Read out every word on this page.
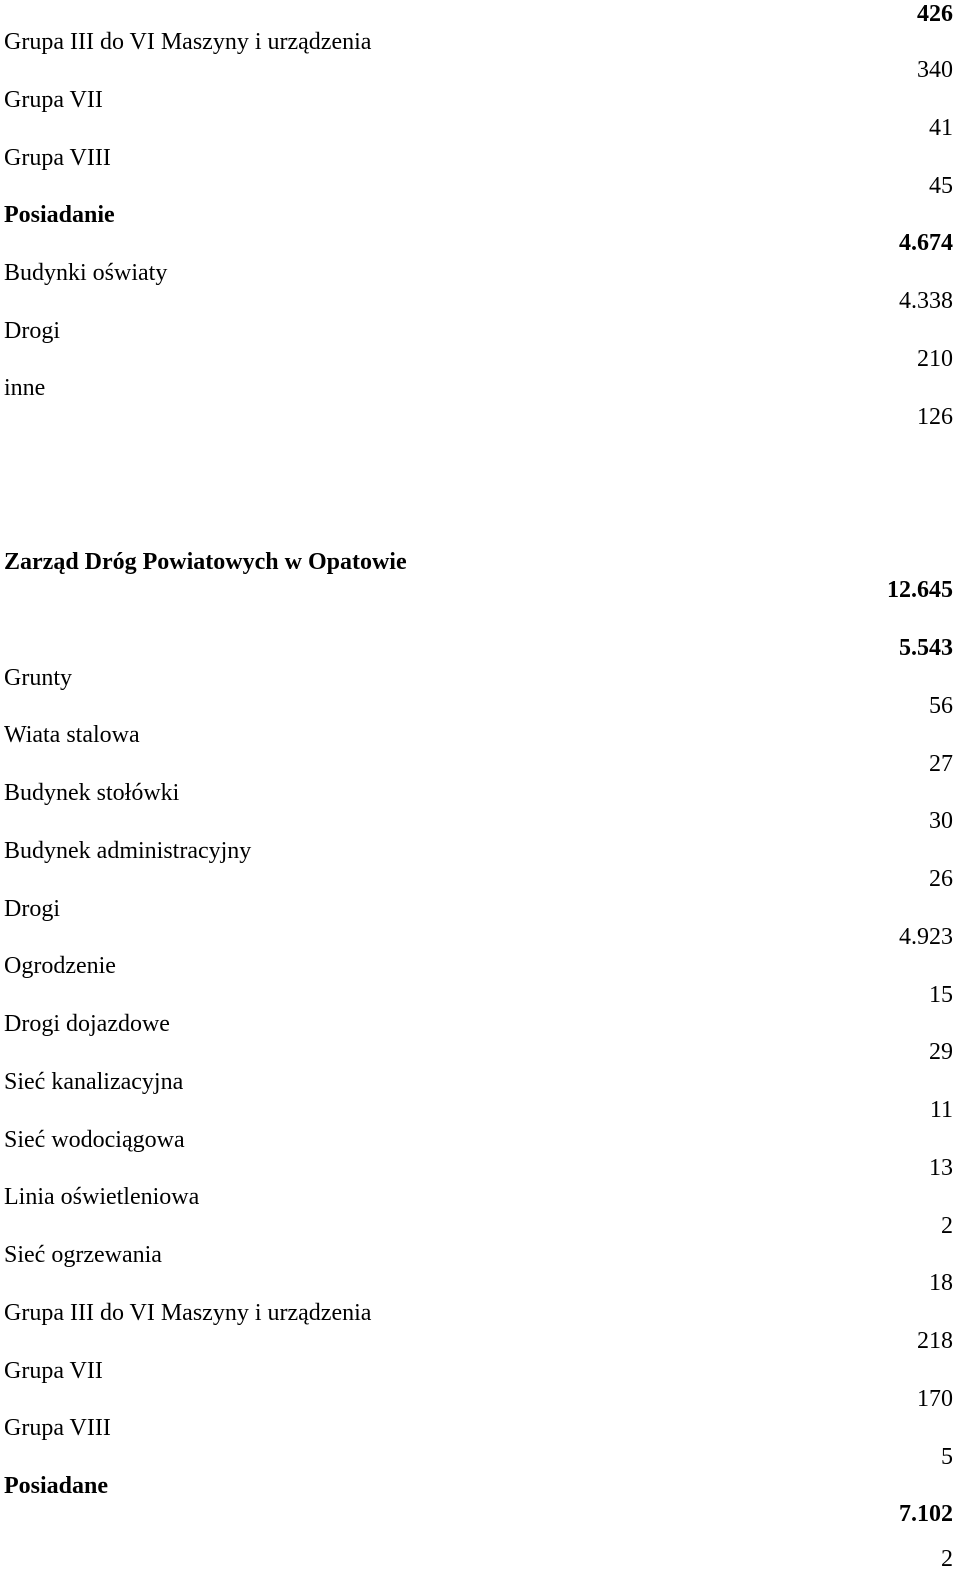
Grupa III do VI Maszyny i urządzenia
Grupa VII
Grupa VIII
Posiadanie
Budynki oświaty
Drogi
inne
Zarząd Dróg Powiatowych w Opatowie
Grunty
Wiata stalowa
Budynek stołówki
Budynek administracyjny
Drogi
Ogrodzenie
Drogi dojazdowe
Sieć kanalizacyjna
Sieć wodociągowa
Linia oświetleniowa
Sieć ogrzewania
Grupa III do VI Maszyny i urządzenia
Grupa VII
Grupa VIII
Posiadane
426
340
41
45
4.674
4.338
210
126
12.645
5.543
56
27
30
26
4.923
15
29
11
13
2
18
218
170
5
7.102
2
